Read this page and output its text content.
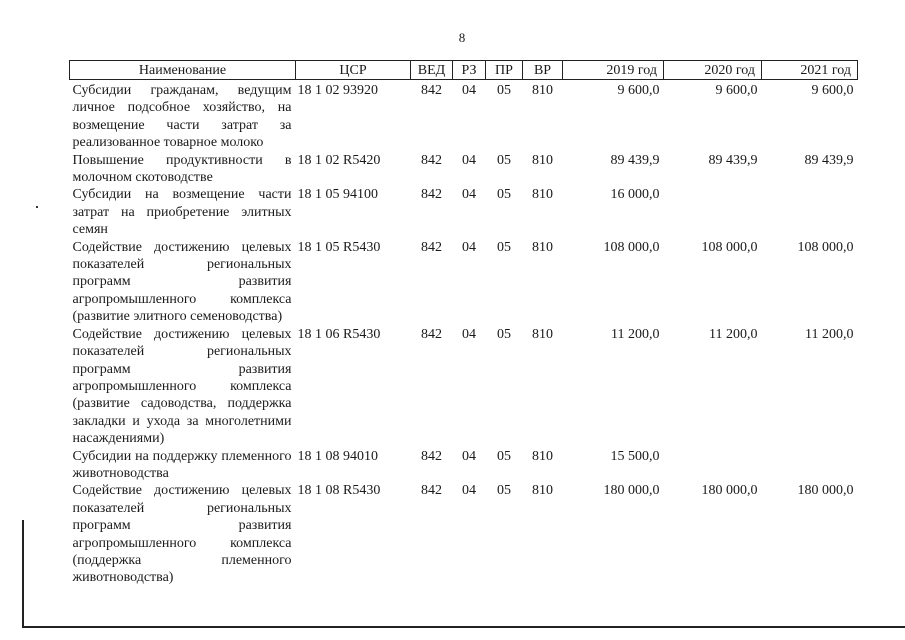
8
Наименование	ЦСР	ВЕД	РЗ	ПР	ВР	2019 год	2020 год	2021 год
Субсидии гражданам, ведущим личное подсобное хозяйство, на возмещение части затрат за реализованное товарное молоко	18 1 02 93920	842	04	05	810	9 600,0	9 600,0	9 600,0
Повышение продуктивности в молочном скотоводстве	18 1 02 R5420	842	04	05	810	89 439,9	89 439,9	89 439,9
Субсидии на возмещение части затрат на приобретение элитных семян	18 1 05 94100	842	04	05	810	16 000,0		
Содействие достижению целевых показателей региональных программ развития агропромышленного комплекса (развитие элитного семеноводства)	18 1 05 R5430	842	04	05	810	108 000,0	108 000,0	108 000,0
Содействие достижению целевых показателей региональных программ развития агропромышленного комплекса (развитие садоводства, поддержка закладки и ухода за многолетними насаждениями)	18 1 06 R5430	842	04	05	810	11 200,0	11 200,0	11 200,0
Субсидии на поддержку племенного животноводства	18 1 08 94010	842	04	05	810	15 500,0		
Содействие достижению целевых показателей региональных программ развития агропромышленного комплекса (поддержка племенного животноводства)	18 1 08 R5430	842	04	05	810	180 000,0	180 000,0	180 000,0
